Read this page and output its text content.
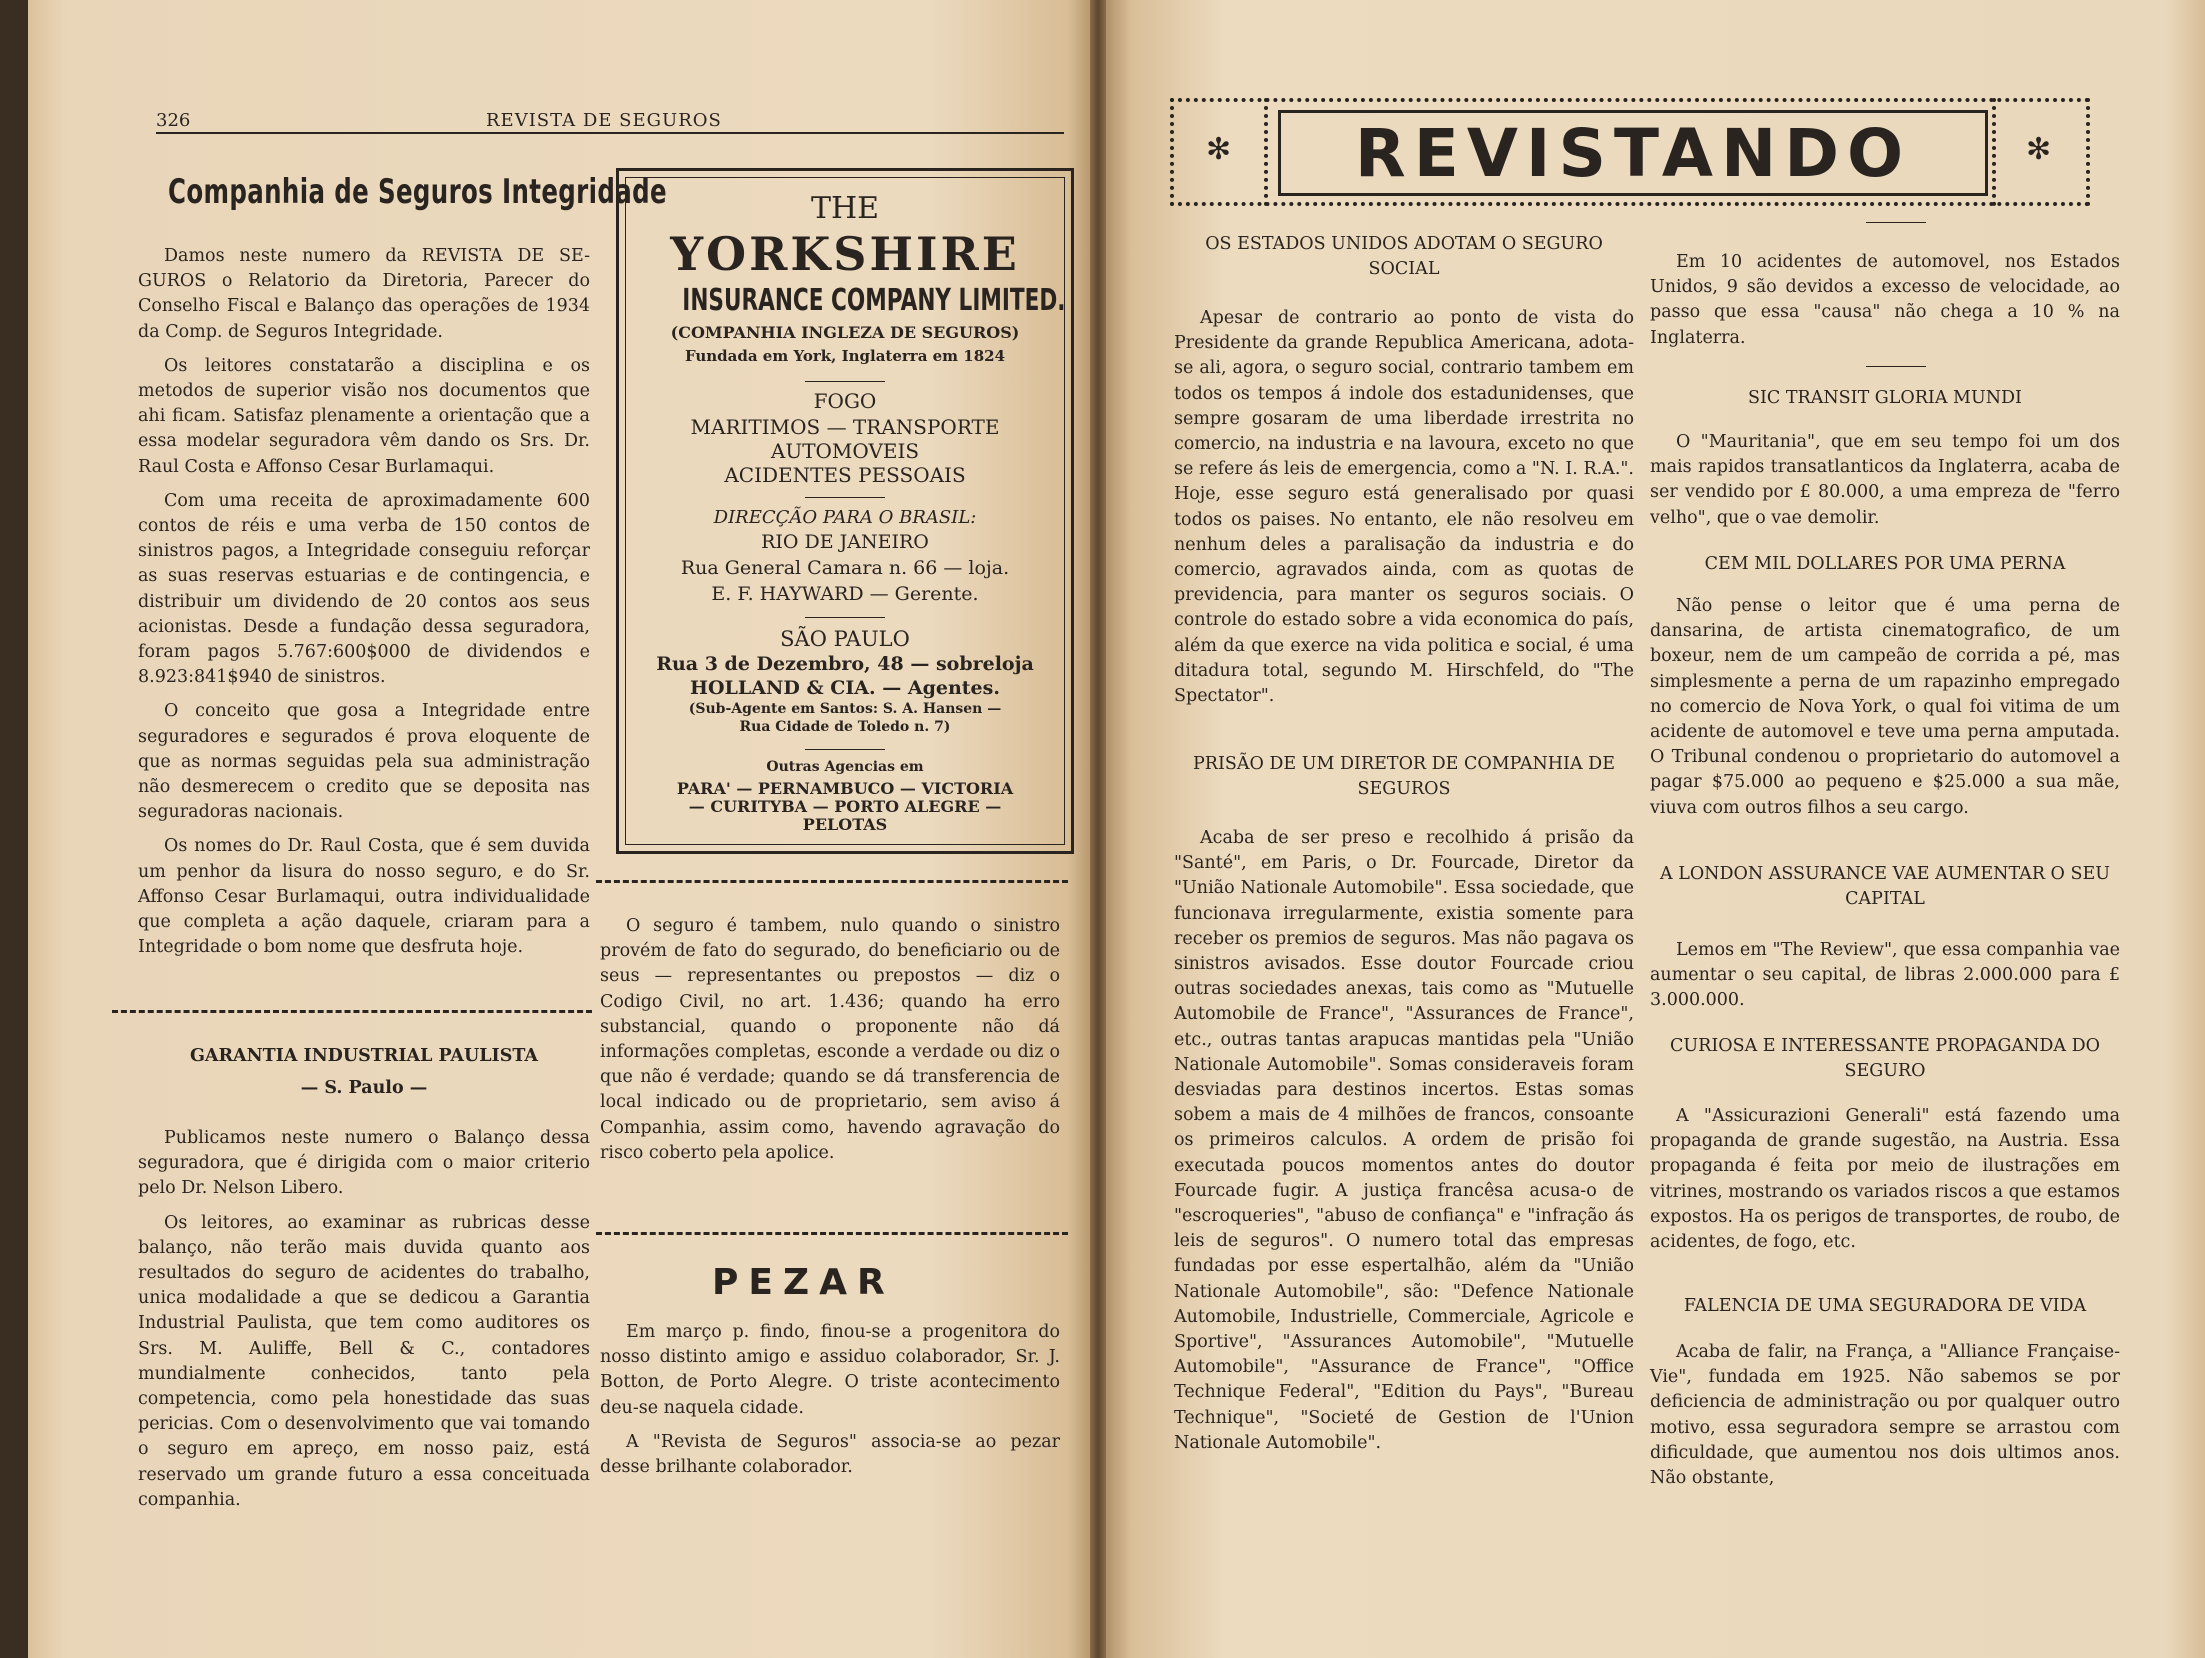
326	REVISTA DE SEGUROS
Companhia de Seguros Integridade

Damos neste numero da REVISTA DE SE-GUROS o Relatorio da Diretoria, Parecer do Conselho Fiscal e Balanço das operações de 1934 da Comp. de Seguros Integridade.

Os leitores constatarão a disciplina e os metodos de superior visão nos documentos que ahi ficam. Satisfaz plenamente a orientação que a essa modelar seguradora vêm dando os Srs. Dr. Raul Costa e Affonso Cesar Burlamaqui.

Com uma receita de aproximadamente 600 contos de réis e uma verba de 150 contos de sinistros pagos, a Integridade conseguiu reforçar as suas reservas estuarias e de contingencia, e distribuir um dividendo de 20 contos aos seus acionistas. Desde a fundação dessa seguradora, foram pagos 5.767:600$000 de dividendos e 8.923:841$940 de sinistros.

O conceito que gosa a Integridade entre seguradores e segurados é prova eloquente de que as normas seguidas pela sua administração não desmerecem o credito que se deposita nas seguradoras nacionais.

Os nomes do Dr. Raul Costa, que é sem duvida um penhor da lisura do nosso seguro, e do Sr. Affonso Cesar Burlamaqui, outra individualidade que completa a ação daquele, criaram para a Integridade o bom nome que desfruta hoje.

GARANTIA INDUSTRIAL PAULISTA
— S. Paulo —

Publicamos neste numero o Balanço dessa seguradora, que é dirigida com o maior criterio pelo Dr. Nelson Libero.

Os leitores, ao examinar as rubricas desse balanço, não terão mais duvida quanto aos resultados do seguro de acidentes do trabalho, unica modalidade a que se dedicou a Garantia Industrial Paulista, que tem como auditores os Srs. M. Auliffe, Bell & C., contadores mundialmente conhecidos, tanto pela competencia, como pela honestidade das suas pericias. Com o desenvolvimento que vai tomando o seguro em apreço, em nosso paiz, está reservado um grande futuro a essa conceituada companhia.

THE
YORKSHIRE
INSURANCE COMPANY LIMITED.
(COMPANHIA INGLEZA DE SEGUROS)
Fundada em York, Inglaterra em 1824
FOGO
MARITIMOS — TRANSPORTE
AUTOMOVEIS
ACIDENTES PESSOAIS
DIRECÇÃO PARA O BRASIL:
RIO DE JANEIRO
Rua General Camara n. 66 — loja.
E. F. HAYWARD — Gerente.
SÃO PAULO
Rua 3 de Dezembro, 48 — sobreloja
HOLLAND & CIA. — Agentes.
(Sub-Agente em Santos: S. A. Hansen —
Rua Cidade de Toledo n. 7)
Outras Agencias em
PARA' — PERNAMBUCO — VICTORIA
— CURITYBA — PORTO ALEGRE —
PELOTAS

O seguro é tambem, nulo quando o sinistro provém de fato do segurado, do beneficiario ou de seus — representantes ou prepostos — diz o Codigo Civil, no art. 1.436; quando ha erro substancial, quando o proponente não dá informações completas, esconde a verdade ou diz o que não é verdade; quando se dá transferencia de local indicado ou de proprietario, sem aviso á Companhia, assim como, havendo agravação do risco coberto pela apolice.

PEZAR

Em março p. findo, finou-se a progenitora do nosso distinto amigo e assiduo colaborador, Sr. J. Botton, de Porto Alegre. O triste acontecimento deu-se naquela cidade.

A "Revista de Seguros" associa-se ao pezar desse brilhante colaborador.

✻	✻
REVISTANDO
OS ESTADOS UNIDOS ADOTAM O SEGURO SOCIAL

Apesar de contrario ao ponto de vista do Presidente da grande Republica Americana, adota-se ali, agora, o seguro social, contrario tambem em todos os tempos á indole dos estadunidenses, que sempre gosaram de uma liberdade irrestrita no comercio, na industria e na lavoura, exceto no que se refere ás leis de emergencia, como a "N. I. R.A.". Hoje, esse seguro está generalisado por quasi todos os paises. No entanto, ele não resolveu em nenhum deles a paralisação da industria e do comercio, agravados ainda, com as quotas de previdencia, para manter os seguros sociais. O controle do estado sobre a vida economica do país, além da que exerce na vida politica e social, é uma ditadura total, segundo M. Hirschfeld, do "The Spectator".

PRISÃO DE UM DIRETOR DE COMPANHIA DE SEGUROS

Acaba de ser preso e recolhido á prisão da "Santé", em Paris, o Dr. Fourcade, Diretor da "União Nationale Automobile". Essa sociedade, que funcionava irregularmente, existia somente para receber os premios de seguros. Mas não pagava os sinistros avisados. Esse doutor Fourcade criou outras sociedades anexas, tais como as "Mutuelle Automobile de France", "Assurances de France", etc., outras tantas arapucas mantidas pela "União Nationale Automobile". Somas consideraveis foram desviadas para destinos incertos. Estas somas sobem a mais de 4 milhões de francos, consoante os primeiros calculos. A ordem de prisão foi executada poucos momentos antes do doutor Fourcade fugir. A justiça francêsa acusa-o de "escroqueries", "abuso de confiança" e "infração ás leis de seguros". O numero total das empresas fundadas por esse espertalhão, além da "União Nationale Automobile", são: "Defence Nationale Automobile, Industrielle, Commerciale, Agricole e Sportive", "Assurances Automobile", "Mutuelle Automobile", "Assurance de France", "Office Technique Federal", "Edition du Pays", "Bureau Technique", "Societé de Gestion de l'Union Nationale Automobile".

Em 10 acidentes de automovel, nos Estados Unidos, 9 são devidos a excesso de velocidade, ao passo que essa "causa" não chega a 10 % na Inglaterra.

SIC TRANSIT GLORIA MUNDI

O "Mauritania", que em seu tempo foi um dos mais rapidos transatlanticos da Inglaterra, acaba de ser vendido por £ 80.000, a uma empreza de "ferro velho", que o vae demolir.

CEM MIL DOLLARES POR UMA PERNA

Não pense o leitor que é uma perna de dansarina, de artista cinematografico, de um boxeur, nem de um campeão de corrida a pé, mas simplesmente a perna de um rapazinho empregado no comercio de Nova York, o qual foi vitima de um acidente de automovel e teve uma perna amputada. O Tribunal condenou o proprietario do automovel a pagar $75.000 ao pequeno e $25.000 a sua mãe, viuva com outros filhos a seu cargo.

A LONDON ASSURANCE VAE AUMENTAR O SEU CAPITAL

Lemos em "The Review", que essa companhia vae aumentar o seu capital, de libras 2.000.000 para £ 3.000.000.

CURIOSA E INTERESSANTE PROPAGANDA DO SEGURO

A "Assicurazioni Generali" está fazendo uma propaganda de grande sugestão, na Austria. Essa propaganda é feita por meio de ilustrações em vitrines, mostrando os variados riscos a que estamos expostos. Ha os perigos de transportes, de roubo, de acidentes, de fogo, etc.

FALENCIA DE UMA SEGURADORA DE VIDA

Acaba de falir, na França, a "Alliance Française-Vie", fundada em 1925. Não sabemos se por deficiencia de administração ou por qualquer outro motivo, essa seguradora sempre se arrastou com dificuldade, que aumentou nos dois ultimos anos. Não obstante,
